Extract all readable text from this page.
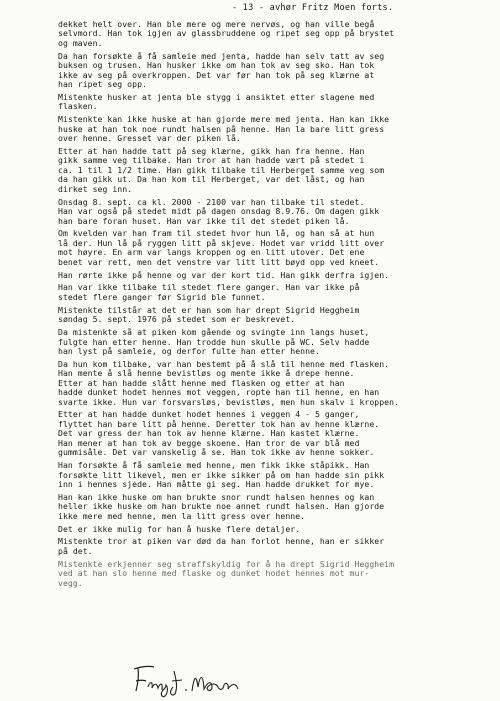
- 13 - avhør Fritz Moen forts.
dekket helt over. Han ble mere og mere nervøs, og han ville begå
selvmord. Han tok igjen av glassbruddene og ripet seg opp på brystet
og maven.
Da han forsøkte å få samleie med jenta, hadde han selv tatt av seg
buksen og trusen. Han husker ikke om han tok av seg sko. Han tok
ikke av seg på overkroppen. Det var før han tok på seg klærne at
han ripet seg opp.
Mistenkte husker at jenta ble stygg i ansiktet etter slagene med
flasken.
Mistenkte kan ikke huske at han gjorde mere med jenta. Han kan ikke
huske at han tok noe rundt halsen på henne. Han la bare litt gress
over henne. Gresset var der piken lå.
Etter at han hadde tatt på seg klærne, gikk han fra henne. Han
gikk samme veg tilbake. Han tror at han hadde vært på stedet i
ca. 1 til 1 1/2 time. Han gikk tilbake til Herberget samme veg som
da han gikk ut. Da han kom til Herberget, var det låst, og han
dirket seg inn.
Onsdag 8. sept. ca kl. 2000 - 2100 var han tilbake til stedet.
Han var også på stedet midt på dagen onsdag 8.9.76. Om dagen gikk
han bare foran huset. Han var ikke til det stedet piken lå.
Om kvelden var han fram til stedet hvor hun lå, og han så at hun
lå der. Hun lå på ryggen litt på skjeve. Hodet var vridd litt over
mot høyre. En arm var langs kroppen og en litt utover. Det ene
benet var rett, men det venstre var litt litt bøyd opp ved kneet.
Han rørte ikke på henne og var der kort tid. Han gikk derfra igjen.
Han var ikke tilbake til stedet flere ganger. Han var ikke på
stedet flere ganger før Sigrid ble funnet.
Mistenkte tilstår at det er han som har drept Sigrid Heggheim
søndag 5. sept. 1976 på stedet som er beskrevet.
Da mistenkte så at piken kom gående og svingte inn langs huset,
fulgte han etter henne. Han trodde hun skulle på WC. Selv hadde
han lyst på samleie, og derfor fulte han etter henne.
Da hun kom tilbake, var han bestemt på å slå til henne med flasken.
Han mente å slå henne bevistløs og mente ikke å drepe henne.
Etter at han hadde slått henne med flasken og etter at han
hadde dunket hodet hennes mot veggen, ropte han til henne, en han
svarte ikke. Hun var forsvarsløs, bevistløs, men hun skalv i kroppen.
Etter at han hadde dunket hodet hennes i veggen 4 - 5 ganger,
flyttet han bare litt på henne. Deretter tok han av henne klærne.
Det var gress der han tok av henne klærne. Han kastet klærne.
Han mener at han tok av begge skoene. Han tror de var blå med
gummisåle. Det var vanskelig å se. Han tok ikke av henne sokker.
Han forsøkte å få samleie med henne, men fikk ikke ståpikk. Han
forsøkte litt likevel, men er ikke sikker på om han hadde sin pikk
inn i hennes sjede. Han måtte gi seg. Han hadde drukket for mye.
Han kan ikke huske om han brukte snor rundt halsen hennes og kan
heller ikke huske om han brukte noe annet rundt halsen. Han gjorde
ikke mere med henne, men la litt gress over henne.
Det er ikke mulig for han å huske flere detaljer.
Mistenkte tror at piken var død da han forlot henne, han er sikker
på det.
Mistenkte erkjenner seg straffskyldig for å ha drept Sigrid Heggheim
ved at han slo henne med flaske og dunket hodet hennes mot mur-
vegg.
